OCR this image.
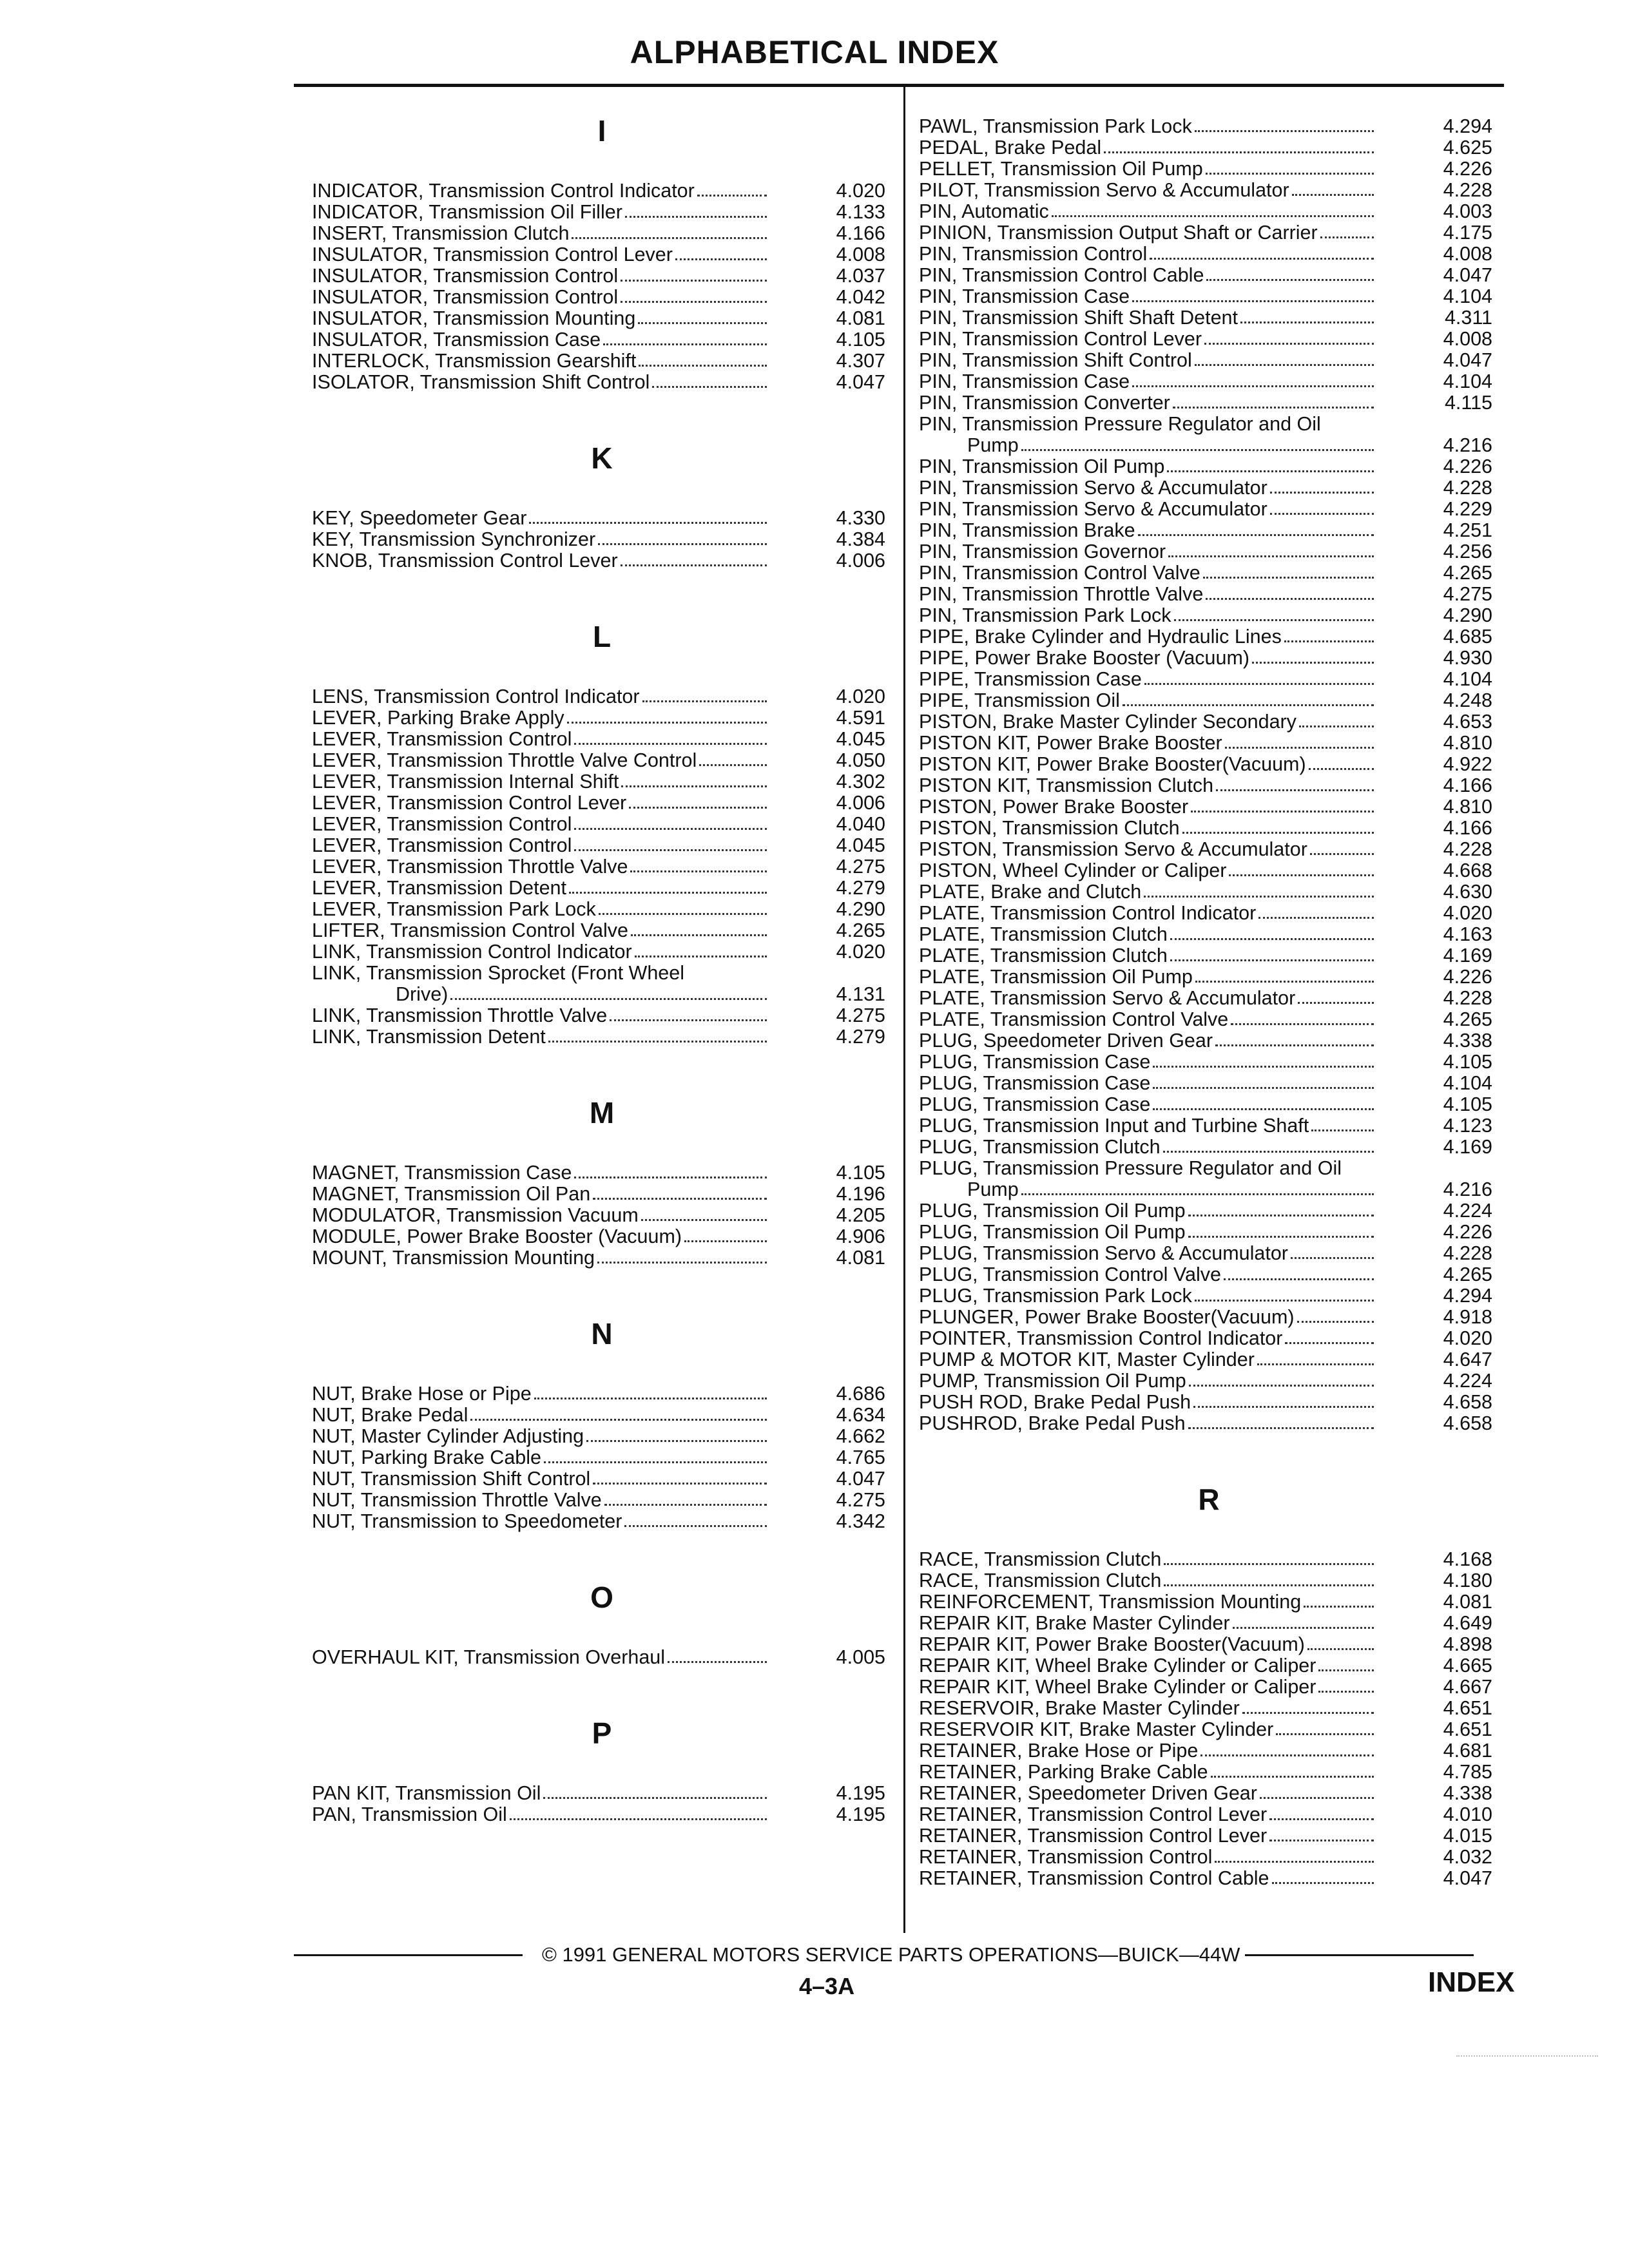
ALPHABETICAL INDEX
I
INDICATOR, Transmission Control Indicator	4.020
INDICATOR, Transmission Oil Filler	4.133
INSERT, Transmission Clutch	4.166
INSULATOR, Transmission Control Lever	4.008
INSULATOR, Transmission Control	4.037
INSULATOR, Transmission Control	4.042
INSULATOR, Transmission Mounting	4.081
INSULATOR, Transmission Case	4.105
INTERLOCK, Transmission Gearshift	4.307
ISOLATOR, Transmission Shift Control	4.047
K
KEY, Speedometer Gear	4.330
KEY, Transmission Synchronizer	4.384
KNOB, Transmission Control Lever	4.006
L
LENS, Transmission Control Indicator	4.020
LEVER, Parking Brake Apply	4.591
LEVER, Transmission Control	4.045
LEVER, Transmission Throttle Valve Control	4.050
LEVER, Transmission Internal Shift	4.302
LEVER, Transmission Control Lever	4.006
LEVER, Transmission Control	4.040
LEVER, Transmission Control	4.045
LEVER, Transmission Throttle Valve	4.275
LEVER, Transmission Detent	4.279
LEVER, Transmission Park Lock	4.290
LIFTER, Transmission Control Valve	4.265
LINK, Transmission Control Indicator	4.020
LINK, Transmission Sprocket (Front Wheel
Drive)	4.131
LINK, Transmission Throttle Valve	4.275
LINK, Transmission Detent	4.279
M
MAGNET, Transmission Case	4.105
MAGNET, Transmission Oil Pan	4.196
MODULATOR, Transmission Vacuum	4.205
MODULE, Power Brake Booster (Vacuum)	4.906
MOUNT, Transmission Mounting	4.081
N
NUT, Brake Hose or Pipe	4.686
NUT, Brake Pedal	4.634
NUT, Master Cylinder Adjusting	4.662
NUT, Parking Brake Cable	4.765
NUT, Transmission Shift Control	4.047
NUT, Transmission Throttle Valve	4.275
NUT, Transmission to Speedometer	4.342
O
OVERHAUL KIT, Transmission Overhaul	4.005
P
PAN KIT, Transmission Oil	4.195
PAN, Transmission Oil	4.195
PAWL, Transmission Park Lock	4.294
PEDAL, Brake Pedal	4.625
PELLET, Transmission Oil Pump	4.226
PILOT, Transmission Servo & Accumulator	4.228
PIN, Automatic	4.003
PINION, Transmission Output Shaft or Carrier	4.175
PIN, Transmission Control	4.008
PIN, Transmission Control Cable	4.047
PIN, Transmission Case	4.104
PIN, Transmission Shift Shaft Detent	4.311
PIN, Transmission Control Lever	4.008
PIN, Transmission Shift Control	4.047
PIN, Transmission Case	4.104
PIN, Transmission Converter	4.115
PIN, Transmission Pressure Regulator and Oil
Pump	4.216
PIN, Transmission Oil Pump	4.226
PIN, Transmission Servo & Accumulator	4.228
PIN, Transmission Servo & Accumulator	4.229
PIN, Transmission Brake	4.251
PIN, Transmission Governor	4.256
PIN, Transmission Control Valve	4.265
PIN, Transmission Throttle Valve	4.275
PIN, Transmission Park Lock	4.290
PIPE, Brake Cylinder and Hydraulic Lines	4.685
PIPE, Power Brake Booster (Vacuum)	4.930
PIPE, Transmission Case	4.104
PIPE, Transmission Oil	4.248
PISTON, Brake Master Cylinder Secondary	4.653
PISTON KIT, Power Brake Booster	4.810
PISTON KIT, Power Brake Booster(Vacuum)	4.922
PISTON KIT, Transmission Clutch	4.166
PISTON, Power Brake Booster	4.810
PISTON, Transmission Clutch	4.166
PISTON, Transmission Servo & Accumulator	4.228
PISTON, Wheel Cylinder or Caliper	4.668
PLATE, Brake and Clutch	4.630
PLATE, Transmission Control Indicator	4.020
PLATE, Transmission Clutch	4.163
PLATE, Transmission Clutch	4.169
PLATE, Transmission Oil Pump	4.226
PLATE, Transmission Servo & Accumulator	4.228
PLATE, Transmission Control Valve	4.265
PLUG, Speedometer Driven Gear	4.338
PLUG, Transmission Case	4.105
PLUG, Transmission Case	4.104
PLUG, Transmission Case	4.105
PLUG, Transmission Input and Turbine Shaft	4.123
PLUG, Transmission Clutch	4.169
PLUG, Transmission Pressure Regulator and Oil
Pump	4.216
PLUG, Transmission Oil Pump	4.224
PLUG, Transmission Oil Pump	4.226
PLUG, Transmission Servo & Accumulator	4.228
PLUG, Transmission Control Valve	4.265
PLUG, Transmission Park Lock	4.294
PLUNGER, Power Brake Booster(Vacuum)	4.918
POINTER, Transmission Control Indicator	4.020
PUMP & MOTOR KIT, Master Cylinder	4.647
PUMP, Transmission Oil Pump	4.224
PUSH ROD, Brake Pedal Push	4.658
PUSHROD, Brake Pedal Push	4.658
R
RACE, Transmission Clutch	4.168
RACE, Transmission Clutch	4.180
REINFORCEMENT, Transmission Mounting	4.081
REPAIR KIT, Brake Master Cylinder	4.649
REPAIR KIT, Power Brake Booster(Vacuum)	4.898
REPAIR KIT, Wheel Brake Cylinder or Caliper	4.665
REPAIR KIT, Wheel Brake Cylinder or Caliper	4.667
RESERVOIR, Brake Master Cylinder	4.651
RESERVOIR KIT, Brake Master Cylinder	4.651
RETAINER, Brake Hose or Pipe	4.681
RETAINER, Parking Brake Cable	4.785
RETAINER, Speedometer Driven Gear	4.338
RETAINER, Transmission Control Lever	4.010
RETAINER, Transmission Control Lever	4.015
RETAINER, Transmission Control	4.032
RETAINER, Transmission Control Cable	4.047
© 1991 GENERAL MOTORS SERVICE PARTS OPERATIONS—BUICK—44W
4–3A	INDEX
